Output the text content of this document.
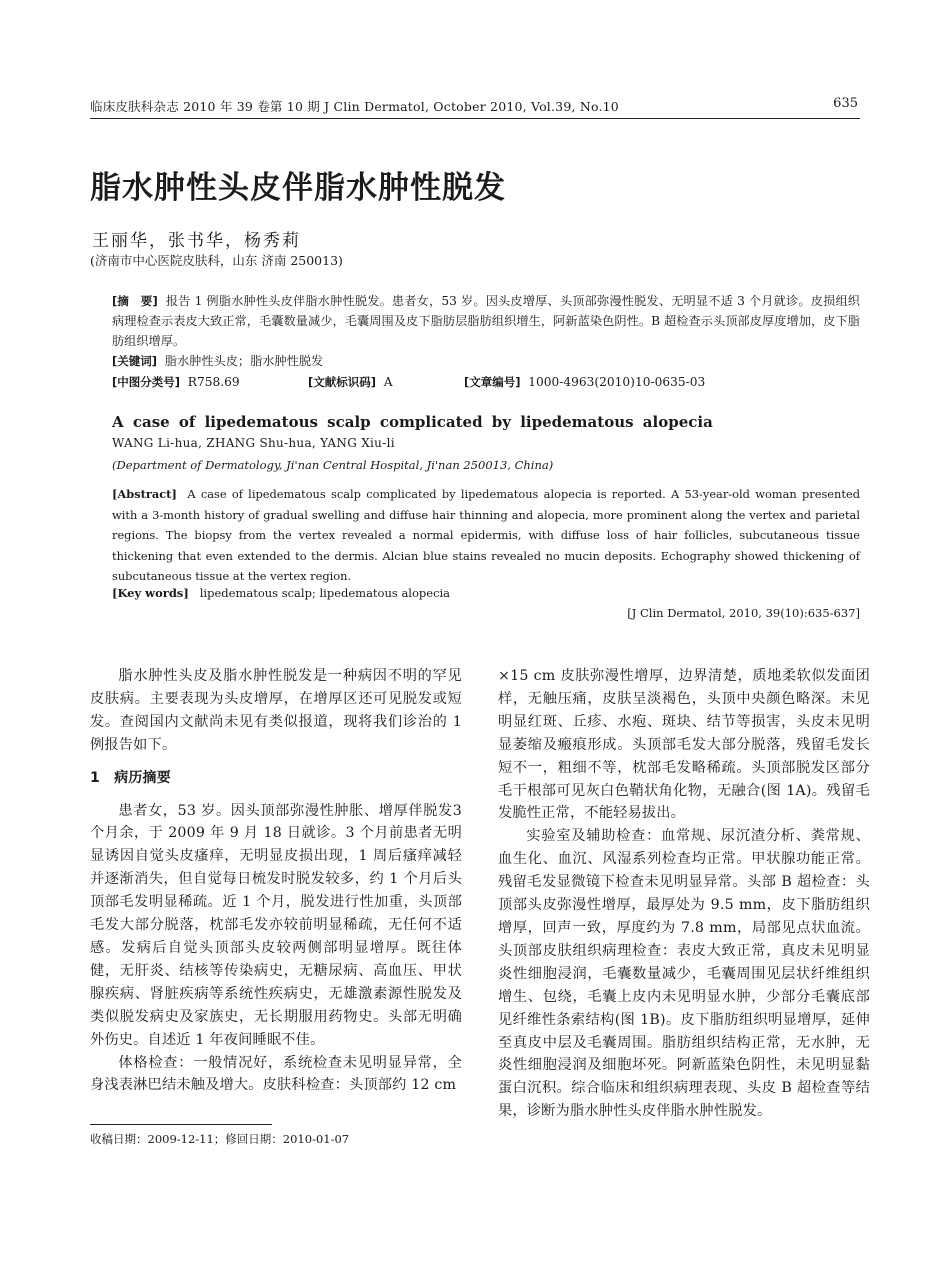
临床皮肤科杂志 2010 年 39 卷第 10 期 J Clin Dermatol, October 2010, Vol.39, No.10	635
脂水肿性头皮伴脂水肿性脱发
王丽华，张书华，杨秀莉
(济南市中心医院皮肤科，山东 济南 250013)
[摘　要] 报告 1 例脂水肿性头皮伴脂水肿性脱发。患者女，53 岁。因头皮增厚、头顶部弥漫性脱发、无明显不适 3 个月就诊。皮损组织病理检查示表皮大致正常，毛囊数量减少，毛囊周围及皮下脂肪层脂肪组织增生，阿新蓝染色阴性。B 超检查示头顶部皮厚度增加，皮下脂肪组织增厚。
[关键词] 脂水肿性头皮；脂水肿性脱发
[中图分类号] R758.69	[文献标识码] A	[文章编号] 1000-4963(2010)10-0635-03
A case of lipedematous scalp complicated by lipedematous alopecia
WANG Li-hua, ZHANG Shu-hua, YANG Xiu-li
(Department of Dermatology, Ji'nan Central Hospital, Ji'nan 250013, China)
[Abstract] A case of lipedematous scalp complicated by lipedematous alopecia is reported. A 53-year-old woman presented with a 3-month history of gradual swelling and diffuse hair thinning and alopecia, more prominent along the vertex and parietal regions. The biopsy from the vertex revealed a normal epidermis, with diffuse loss of hair follicles, subcutaneous tissue thickening that even extended to the dermis. Alcian blue stains revealed no mucin deposits. Echography showed thickening of subcutaneous tissue at the vertex region.
[Key words] lipedematous scalp; lipedematous alopecia
[J Clin Dermatol, 2010, 39(10):635-637]

脂水肿性头皮及脂水肿性脱发是一种病因不明的罕见皮肤病。主要表现为头皮增厚，在增厚区还可见脱发或短发。查阅国内文献尚未见有类似报道，现将我们诊治的 1 例报告如下。

1　病历摘要

患者女，53 岁。因头顶部弥漫性肿胀、增厚伴脱发3 个月余，于 2009 年 9 月 18 日就诊。3 个月前患者无明显诱因自觉头皮瘙痒，无明显皮损出现，1 周后瘙痒减轻并逐渐消失，但自觉每日梳发时脱发较多，约 1 个月后头顶部毛发明显稀疏。近 1 个月，脱发进行性加重，头顶部毛发大部分脱落，枕部毛发亦较前明显稀疏，无任何不适感。发病后自觉头顶部头皮较两侧部明显增厚。既往体健，无肝炎、结核等传染病史，无糖尿病、高血压、甲状腺疾病、肾脏疾病等系统性疾病史，无雄激素源性脱发及类似脱发病史及家族史，无长期服用药物史。头部无明确外伤史。自述近 1 年夜间睡眠不佳。

体格检查：一般情况好，系统检查未见明显异常，全身浅表淋巴结未触及增大。皮肤科检查：头顶部约 12 cm

×15 cm 皮肤弥漫性增厚，边界清楚，质地柔软似发面团样，无触压痛，皮肤呈淡褐色，头顶中央颜色略深。未见明显红斑、丘疹、水疱、斑块、结节等损害，头皮未见明显萎缩及瘢痕形成。头顶部毛发大部分脱落，残留毛发长短不一，粗细不等，枕部毛发略稀疏。头顶部脱发区部分毛干根部可见灰白色鞘状角化物，无融合(图 1A)。残留毛发脆性正常，不能轻易拔出。

实验室及辅助检查：血常规、尿沉渣分析、粪常规、血生化、血沉、风湿系列检查均正常。甲状腺功能正常。残留毛发显微镜下检查未见明显异常。头部 B 超检查：头顶部头皮弥漫性增厚，最厚处为 9.5 mm，皮下脂肪组织增厚，回声一致，厚度约为 7.8 mm，局部见点状血流。头顶部皮肤组织病理检查：表皮大致正常，真皮未见明显炎性细胞浸润，毛囊数量减少，毛囊周围见层状纤维组织增生、包绕，毛囊上皮内未见明显水肿，少部分毛囊底部见纤维性条索结构(图 1B)。皮下脂肪组织明显增厚，延伸至真皮中层及毛囊周围。脂肪组织结构正常，无水肿，无炎性细胞浸润及细胞坏死。阿新蓝染色阴性，未见明显黏蛋白沉积。综合临床和组织病理表现、头皮 B 超检查等结果，诊断为脂水肿性头皮伴脂水肿性脱发。

收稿日期：2009-12-11；修回日期：2010-01-07
